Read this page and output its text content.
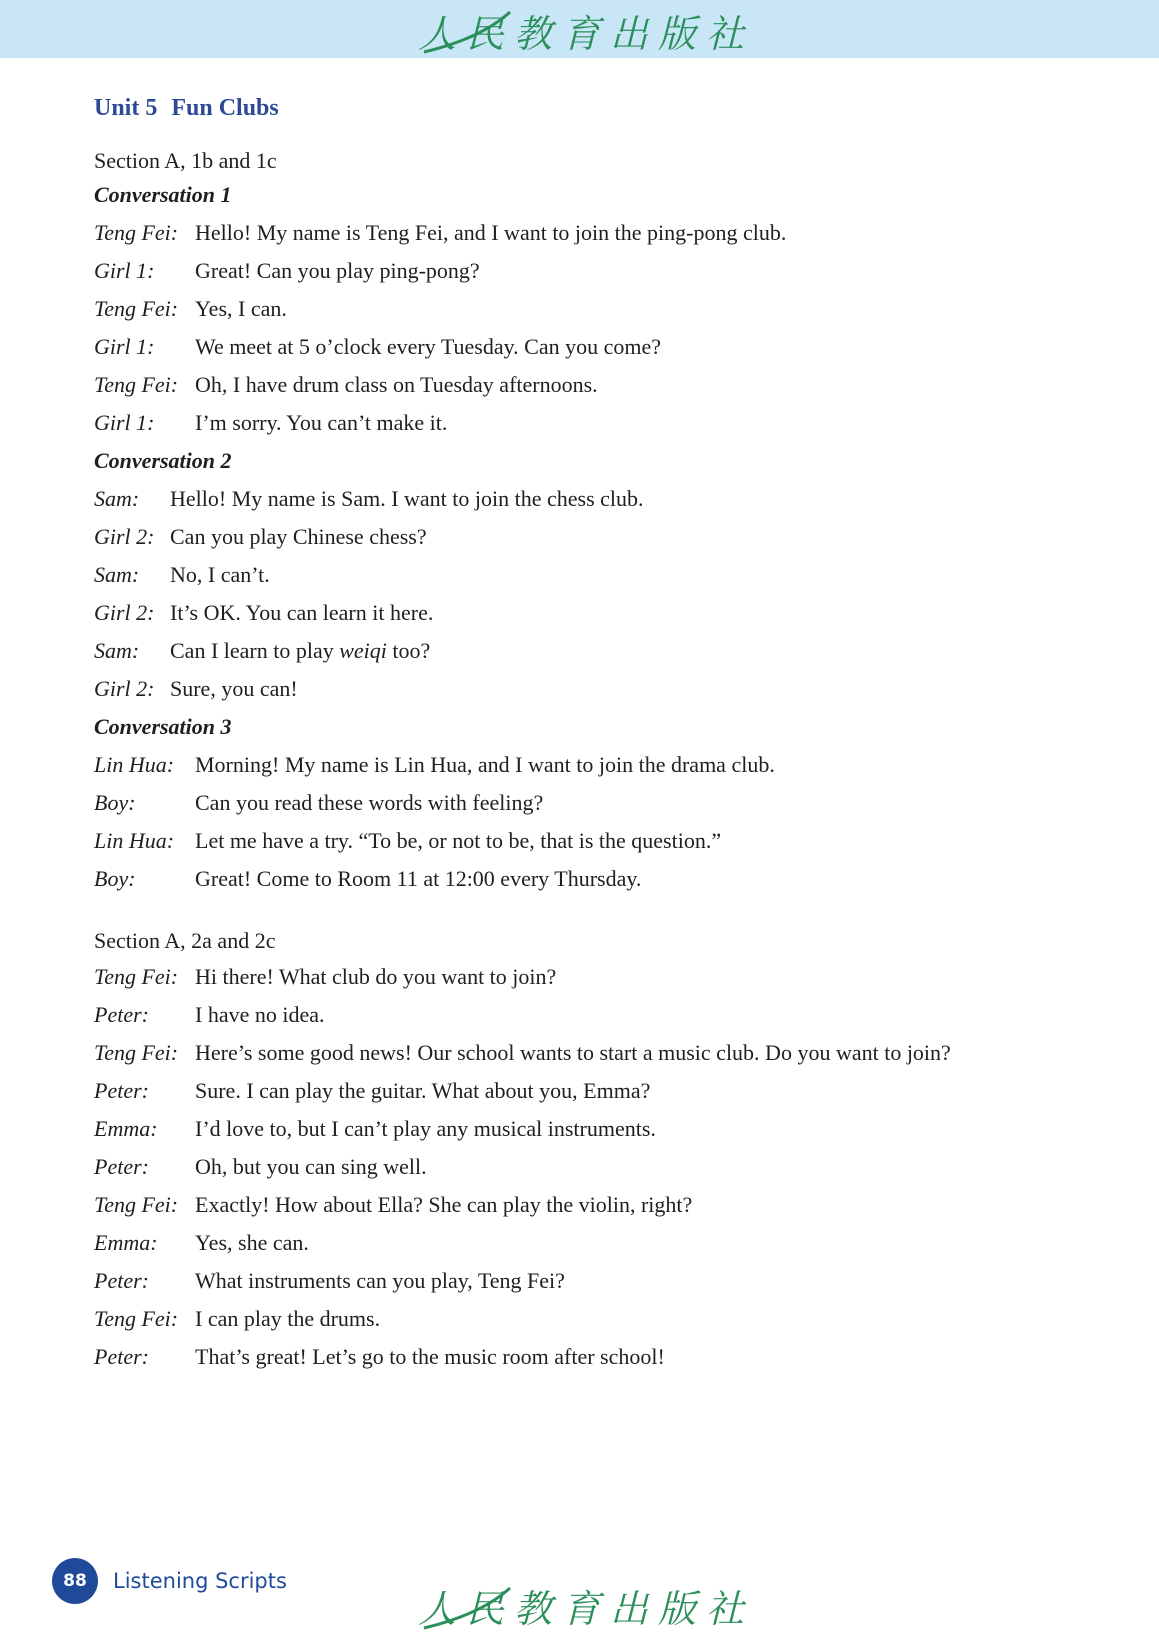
人民教育出版社
Unit 5 Fun Clubs
Section A, 1b and 1c

Conversation 1

Teng Fei: Hello! My name is Teng Fei, and I want to join the ping-pong club.

Girl 1:	Great! Can you play ping-pong?

Teng Fei: Yes, I can.

Girl 1:	We meet at 5 o’clock every Tuesday. Can you come?

Teng Fei: Oh, I have drum class on Tuesday afternoons.

Girl 1:	I’m sorry. You can’t make it.

Conversation 2

Sam:	Hello! My name is Sam. I want to join the chess club.

Girl 2: Can you play Chinese chess?

Sam:	No, I can’t.

Girl 2: It’s OK. You can learn it here.

Sam:	Can I learn to play weiqi too?

Girl 2: Sure, you can!

Conversation 3

Lin Hua: Morning! My name is Lin Hua, and I want to join the drama club.

Boy:	Can you read these words with feeling?

Lin Hua: Let me have a try. “To be, or not to be, that is the question.”

Boy:	Great! Come to Room 11 at 12:00 every Thursday.

Section A, 2a and 2c

Teng Fei: Hi there! What club do you want to join?

Peter:	I have no idea.

Teng Fei: Here’s some good news! Our school wants to start a music club. Do you want to join?

Peter:	Sure. I can play the guitar. What about you, Emma?

Emma:	I’d love to, but I can’t play any musical instruments.

Peter:	Oh, but you can sing well.

Teng Fei: Exactly! How about Ella? She can play the violin, right?

Emma:	Yes, she can.

Peter:	What instruments can you play, Teng Fei?

Teng Fei: I can play the drums.

Peter:	That’s great! Let’s go to the music room after school!

88	Listening Scripts
人民教育出版社
